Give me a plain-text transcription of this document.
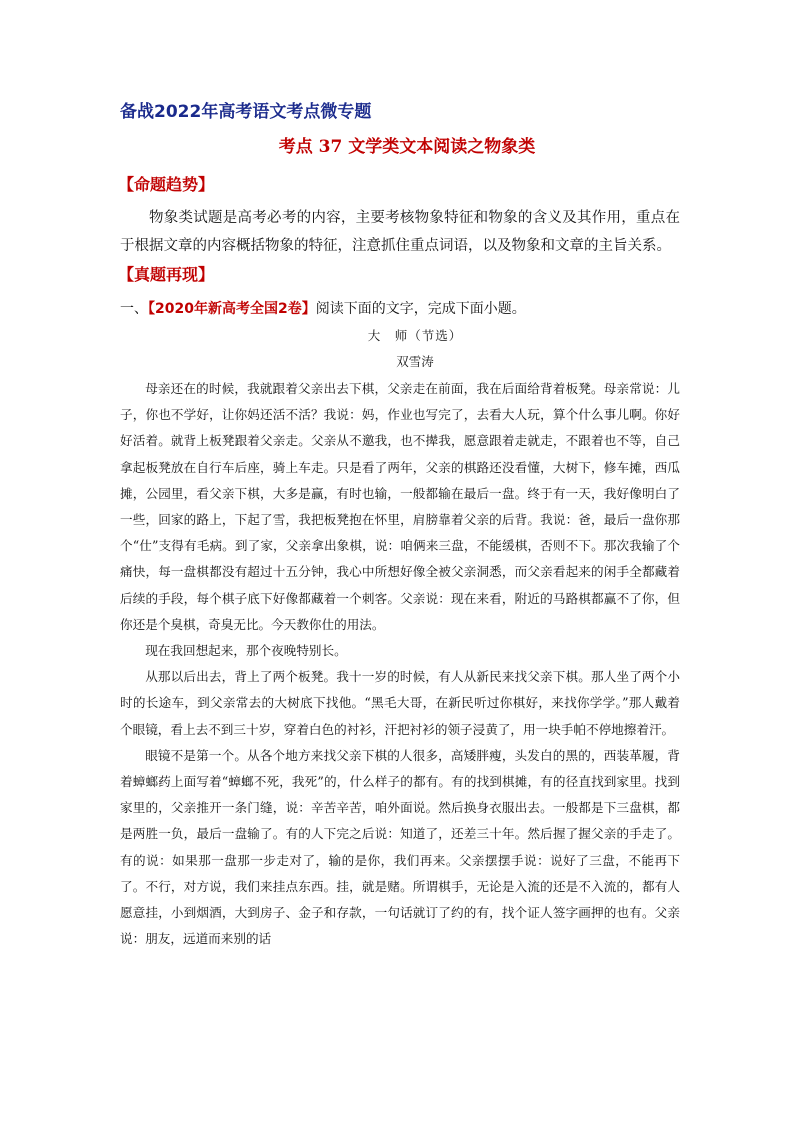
备战2022年高考语文考点微专题
考点 37 文学类文本阅读之物象类
【命题趋势】
物象类试题是高考必考的内容，主要考核物象特征和物象的含义及其作用，重点在于根据文章的内容概括物象的特征，注意抓住重点词语，以及物象和文章的主旨关系。
【真题再现】
一、【2020年新高考全国2卷】阅读下面的文字，完成下面小题。
大　师（节选）
双雪涛

母亲还在的时候，我就跟着父亲出去下棋，父亲走在前面，我在后面给背着板凳。母亲常说：儿子，你也不学好，让你妈还活不活？我说：妈，作业也写完了，去看大人玩，算个什么事儿啊。你好好活着。就背上板凳跟着父亲走。父亲从不邀我，也不撵我，愿意跟着走就走，不跟着也不等，自己拿起板凳放在自行车后座，骑上车走。只是看了两年，父亲的棋路还没看懂，大树下，修车摊，西瓜摊，公园里，看父亲下棋，大多是赢，有时也输，一般都输在最后一盘。终于有一天，我好像明白了一些，回家的路上，下起了雪，我把板凳抱在怀里，肩膀靠着父亲的后背。我说：爸，最后一盘你那个“仕”支得有毛病。到了家，父亲拿出象棋，说：咱俩来三盘，不能缓棋，否则不下。那次我输了个痛快，每一盘棋都没有超过十五分钟，我心中所想好像全被父亲洞悉，而父亲看起来的闲手全都藏着后续的手段，每个棋子底下好像都藏着一个刺客。父亲说：现在来看，附近的马路棋都赢不了你，但你还是个臭棋，奇臭无比。今天教你仕的用法。

现在我回想起来，那个夜晚特别长。

从那以后出去，背上了两个板凳。我十一岁的时候，有人从新民来找父亲下棋。那人坐了两个小时的长途车，到父亲常去的大树底下找他。“黑毛大哥，在新民听过你棋好，来找你学学。”那人戴着个眼镜，看上去不到三十岁，穿着白色的衬衫，汗把衬衫的领子浸黄了，用一块手帕不停地擦着汗。

眼镜不是第一个。从各个地方来找父亲下棋的人很多，高矮胖瘦，头发白的黑的，西装革履，背着蟑螂药上面写着“蟑螂不死，我死”的，什么样子的都有。有的找到棋摊，有的径直找到家里。找到家里的，父亲推开一条门缝，说：辛苦辛苦，咱外面说。然后换身衣服出去。一般都是下三盘棋，都是两胜一负，最后一盘输了。有的人下完之后说：知道了，还差三十年。然后握了握父亲的手走了。有的说：如果那一盘那一步走对了，输的是你，我们再来。父亲摆摆手说：说好了三盘，不能再下了。不行，对方说，我们来挂点东西。挂，就是赌。所谓棋手，无论是入流的还是不入流的，都有人愿意挂，小到烟酒，大到房子、金子和存款，一句话就订了约的有，找个证人签字画押的也有。父亲说：朋友，远道而来别的话
